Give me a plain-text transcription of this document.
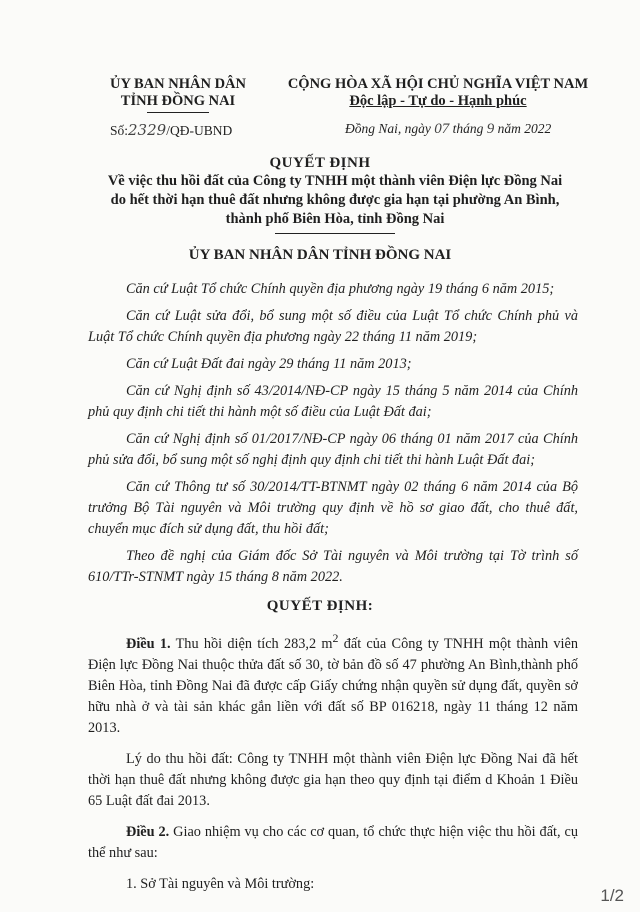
ỦY BAN NHÂN DÂN
TỈNH ĐỒNG NAI
CỘNG HÒA XÃ HỘI CHỦ NGHĨA VIỆT NAM
Độc lập - Tự do - Hạnh phúc
Số:2329/QĐ-UBND	Đồng Nai, ngày 07 tháng 9 năm 2022
QUYẾT ĐỊNH
Về việc thu hồi đất của Công ty TNHH một thành viên Điện lực Đồng Nai
do hết thời hạn thuê đất nhưng không được gia hạn tại phường An Bình,
thành phố Biên Hòa, tỉnh Đồng Nai
ỦY BAN NHÂN DÂN TỈNH ĐỒNG NAI

Căn cứ Luật Tổ chức Chính quyền địa phương ngày 19 tháng 6 năm 2015;

Căn cứ Luật sửa đổi, bổ sung một số điều của Luật Tổ chức Chính phủ và Luật Tổ chức Chính quyền địa phương ngày 22 tháng 11 năm 2019;

Căn cứ Luật Đất đai ngày 29 tháng 11 năm 2013;

Căn cứ Nghị định số 43/2014/NĐ-CP ngày 15 tháng 5 năm 2014 của Chính phủ quy định chi tiết thi hành một số điều của Luật Đất đai;

Căn cứ Nghị định số 01/2017/NĐ-CP ngày 06 tháng 01 năm 2017 của Chính phủ sửa đổi, bổ sung một số nghị định quy định chi tiết thi hành Luật Đất đai;

Căn cứ Thông tư số 30/2014/TT-BTNMT ngày 02 tháng 6 năm 2014 của Bộ trưởng Bộ Tài nguyên và Môi trường quy định về hồ sơ giao đất, cho thuê đất, chuyển mục đích sử dụng đất, thu hồi đất;

Theo đề nghị của Giám đốc Sở Tài nguyên và Môi trường tại Tờ trình số 610/TTr-STNMT ngày 15 tháng 8 năm 2022.

QUYẾT ĐỊNH:

Điều 1. Thu hồi diện tích 283,2 $m^2$ đất của Công ty TNHH một thành viên Điện lực Đồng Nai thuộc thửa đất số 30, tờ bản đồ số 47 phường An Bình,thành phố Biên Hòa, tỉnh Đồng Nai đã được cấp Giấy chứng nhận quyền sử dụng đất, quyền sở hữu nhà ở và tài sản khác gắn liền với đất số BP 016218, ngày 11 tháng 12 năm 2013.

Lý do thu hồi đất: Công ty TNHH một thành viên Điện lực Đồng Nai đã hết thời hạn thuê đất nhưng không được gia hạn theo quy định tại điểm d Khoản 1 Điều 65 Luật đất đai 2013.

Điều 2. Giao nhiệm vụ cho các cơ quan, tổ chức thực hiện việc thu hồi đất, cụ thể như sau:

1. Sở Tài nguyên và Môi trường:

1/2
